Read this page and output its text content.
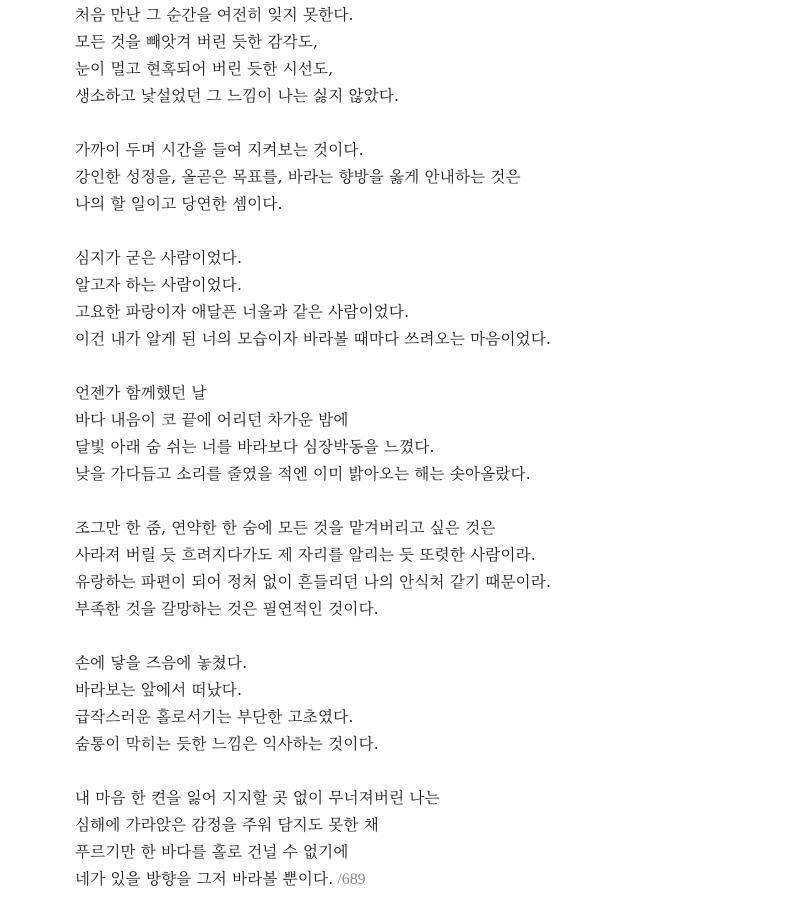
처음 만난 그 순간을 여전히 잊지 못한다.
모든 것을 빼앗겨 버린 듯한 감각도,
눈이 멀고 현혹되어 버린 듯한 시선도,
생소하고 낯설었던 그 느낌이 나는 싫지 않았다.
가까이 두며 시간을 들여 지켜보는 것이다.
강인한 성정을, 올곧은 목표를, 바라는 향방을 옳게 안내하는 것은
나의 할 일이고 당연한 셈이다.
심지가 굳은 사람이었다.
알고자 하는 사람이었다.
고요한 파랑이자 애달픈 너울과 같은 사람이었다.
이건 내가 알게 된 너의 모습이자 바라볼 때마다 쓰려오는 마음이었다.
언젠가 함께했던 날
바다 내음이 코 끝에 어리던 차가운 밤에
달빛 아래 숨 쉬는 너를 바라보다 심장박동을 느꼈다.
낮을 가다듬고 소리를 줄였을 적엔 이미 밝아오는 해는 솟아올랐다.
조그만 한 줌, 연약한 한 숨에 모든 것을 맡겨버리고 싶은 것은
사라져 버릴 듯 흐려지다가도 제 자리를 알리는 듯 또렷한 사람이라.
유랑하는 파편이 되어 정처 없이 흔들리던 나의 안식처 같기 때문이라.
부족한 것을 갈망하는 것은 필연적인 것이다.
손에 닿을 즈음에 놓쳤다.
바라보는 앞에서 떠났다.
급작스러운 홀로서기는 부단한 고초였다.
숨통이 막히는 듯한 느낌은 익사하는 것이다.
내 마음 한 켠을 잃어 지지할 곳 없이 무너져버린 나는
심해에 가라앉은 감정을 주워 담지도 못한 채
푸르기만 한 바다를 홀로 건널 수 없기에
네가 있을 방향을 그저 바라볼 뿐이다. /689
